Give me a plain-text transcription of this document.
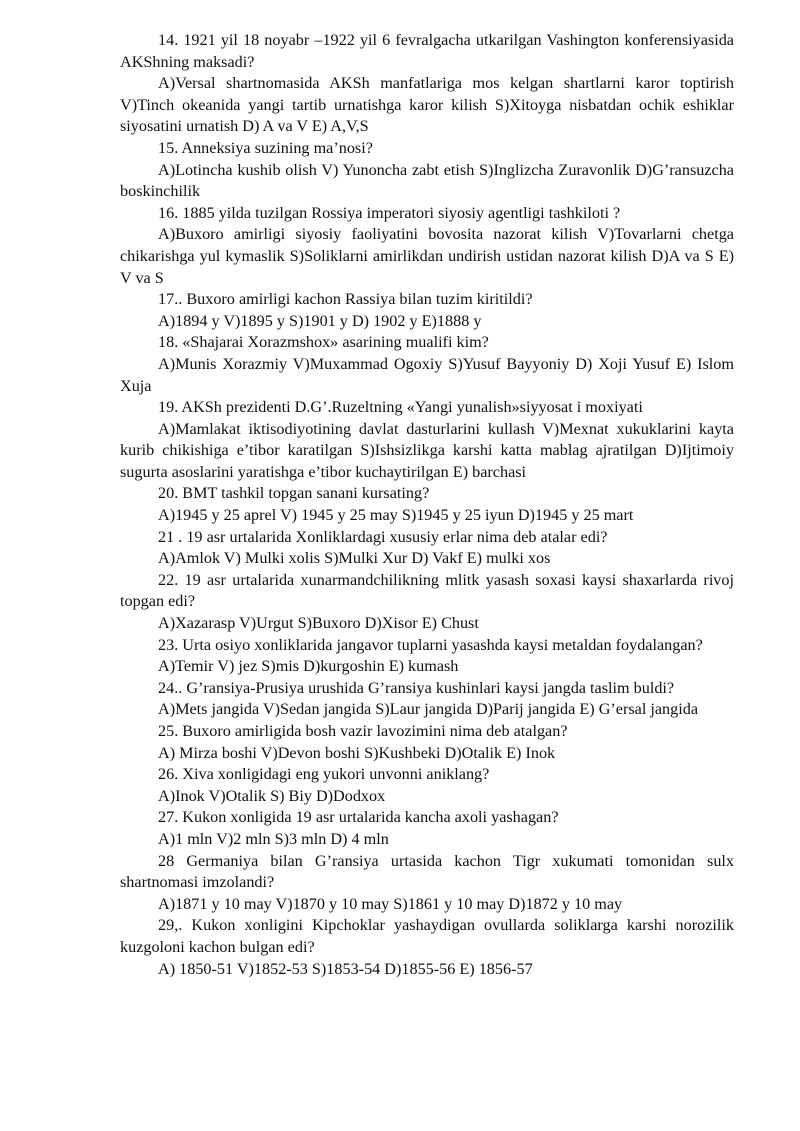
14. 1921 yil 18 noyabr –1922 yil 6 fevralgacha utkarilgan Vashington konferensiyasida AKShning maksadi?

A)Versal shartnomasida AKSh manfatlariga mos kelgan shartlarni karor toptirish V)Tinch okeanida yangi tartib urnatishga karor kilish S)Xitoyga nisbatdan ochik eshiklar siyosatini urnatish D) A va V E) A,V,S

15. Anneksiya suzining ma’nosi?

A)Lotincha kushib olish V) Yunoncha zabt etish S)Inglizcha Zuravonlik D)G’ransuzcha boskinchilik

16. 1885 yilda tuzilgan Rossiya imperatori siyosiy agentligi tashkiloti ?

A)Buxoro amirligi siyosiy faoliyatini bovosita nazorat kilish V)Tovarlarni chetga chikarishga yul kymaslik S)Soliklarni amirlikdan undirish ustidan nazorat kilish D)A va S E) V va S

17.. Buxoro amirligi kachon Rassiya bilan tuzim kiritildi?

A)1894 y V)1895 y S)1901 y D) 1902 y E)1888 y

18. «Shajarai Xorazmshox» asarining mualifi kim?

A)Munis Xorazmiy V)Muxammad Ogoxiy S)Yusuf Bayyoniy D) Xoji Yusuf E) Islom Xuja

19. AKSh prezidenti D.G’.Ruzeltning «Yangi yunalish»siyyosat i moxiyati

A)Mamlakat iktisodiyotining davlat dasturlarini kullash V)Mexnat xukuklarini kayta kurib chikishiga e’tibor karatilgan S)Ishsizlikga karshi katta mablag ajratilgan D)Ijtimoiy sugurta asoslarini yaratishga e’tibor kuchaytirilgan E) barchasi

20. BMT tashkil topgan sanani kursating?

A)1945 y 25 aprel V) 1945 y 25 may S)1945 y 25 iyun D)1945 y 25 mart

21 . 19 asr urtalarida Xonliklardagi xususiy erlar nima deb atalar edi?

A)Amlok V) Mulki xolis S)Mulki Xur D) Vakf E) mulki xos

22. 19 asr urtalarida xunarmandchilikning mlitk yasash soxasi kaysi shaxarlarda rivoj topgan edi?

A)Xazarasp V)Urgut S)Buxoro D)Xisor E) Chust

23. Urta osiyo xonliklarida jangavor tuplarni yasashda kaysi metaldan foydalangan?

A)Temir V) jez S)mis D)kurgoshin E) kumash

24.. G’ransiya-Prusiya urushida G’ransiya kushinlari kaysi jangda taslim buldi?

A)Mets jangida V)Sedan jangida S)Laur jangida D)Parij jangida E) G’ersal jangida

25. Buxoro amirligida bosh vazir lavozimini nima deb atalgan?

A) Mirza boshi V)Devon boshi S)Kushbeki D)Otalik E) Inok

26. Xiva xonligidagi eng yukori unvonni aniklang?

A)Inok V)Otalik S) Biy D)Dodxox

27. Kukon xonligida 19 asr urtalarida kancha axoli yashagan?

A)1 mln V)2 mln S)3 mln D) 4 mln

28 Germaniya bilan G’ransiya urtasida kachon Tigr xukumati tomonidan sulx shartnomasi imzolandi?

A)1871 y 10 may V)1870 y 10 may S)1861 y 10 may D)1872 y 10 may

29,. Kukon xonligini Kipchoklar yashaydigan ovullarda soliklarga karshi norozilik kuzgoloni kachon bulgan edi?

A) 1850-51 V)1852-53 S)1853-54 D)1855-56 E) 1856-57
